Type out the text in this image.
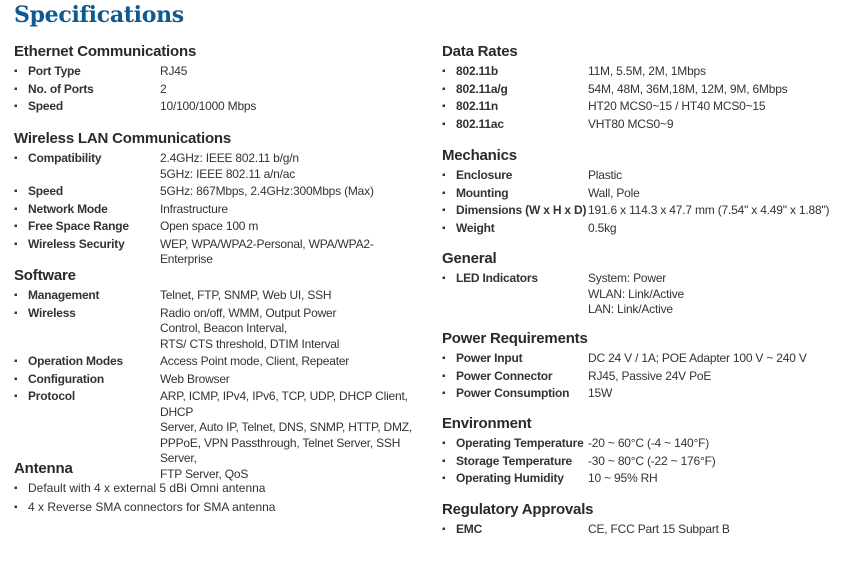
Specifications
Ethernet Communications
▪ Port Type	RJ45
▪ No. of Ports	2
▪ Speed	10/100/1000 Mbps
Wireless LAN Communications
▪ Compatibility	2.4GHz: IEEE 802.11 b/g/n
5GHz: IEEE 802.11 a/n/ac
▪ Speed	5GHz: 867Mbps, 2.4GHz:300Mbps (Max)
▪ Network Mode	Infrastructure
▪ Free Space Range	Open space 100 m
▪ Wireless Security	WEP, WPA/WPA2-Personal, WPA/WPA2-Enterprise
Software
▪ Management	Telnet, FTP, SNMP, Web UI, SSH
▪ Wireless	Radio on/off, WMM, Output Power
Control, Beacon Interval,
RTS/ CTS threshold, DTIM Interval
▪ Operation Modes	Access Point mode, Client, Repeater
▪ Configuration	Web Browser
▪ Protocol	ARP, ICMP, IPv4, IPv6, TCP, UDP, DHCP Client, DHCP
Server, Auto IP, Telnet, DNS, SNMP, HTTP, DMZ,
PPPoE, VPN Passthrough, Telnet Server, SSH Server,
FTP Server, QoS
Antenna
▪ Default with 4 x external 5 dBi Omni antenna
▪ 4 x Reverse SMA connectors for SMA antenna
Data Rates
▪ 802.11b	11M, 5.5M, 2M, 1Mbps
▪ 802.11a/g	54M, 48M, 36M,18M, 12M, 9M, 6Mbps
▪ 802.11n	HT20 MCS0~15 / HT40 MCS0~15
▪ 802.11ac	VHT80 MCS0~9
Mechanics
▪ Enclosure	Plastic
▪ Mounting	Wall, Pole
▪ Dimensions (W x H x D) 191.6 x 114.3 x 47.7 mm (7.54" x 4.49" x 1.88")
▪ Weight	0.5kg
General
▪ LED Indicators	System: Power
WLAN: Link/Active
LAN: Link/Active
Power Requirements
▪ Power Input	DC 24 V / 1A; POE Adapter 100 V ~ 240 V
▪ Power Connector	RJ45, Passive 24V PoE
▪ Power Consumption	15W
Environment
▪ Operating Temperature -20 ~ 60°C (-4 ~ 140°F)
▪ Storage Temperature	-30 ~ 80°C (-22 ~ 176°F)
▪ Operating Humidity	10 ~ 95% RH
Regulatory Approvals
▪ EMC	CE, FCC Part 15 Subpart B
